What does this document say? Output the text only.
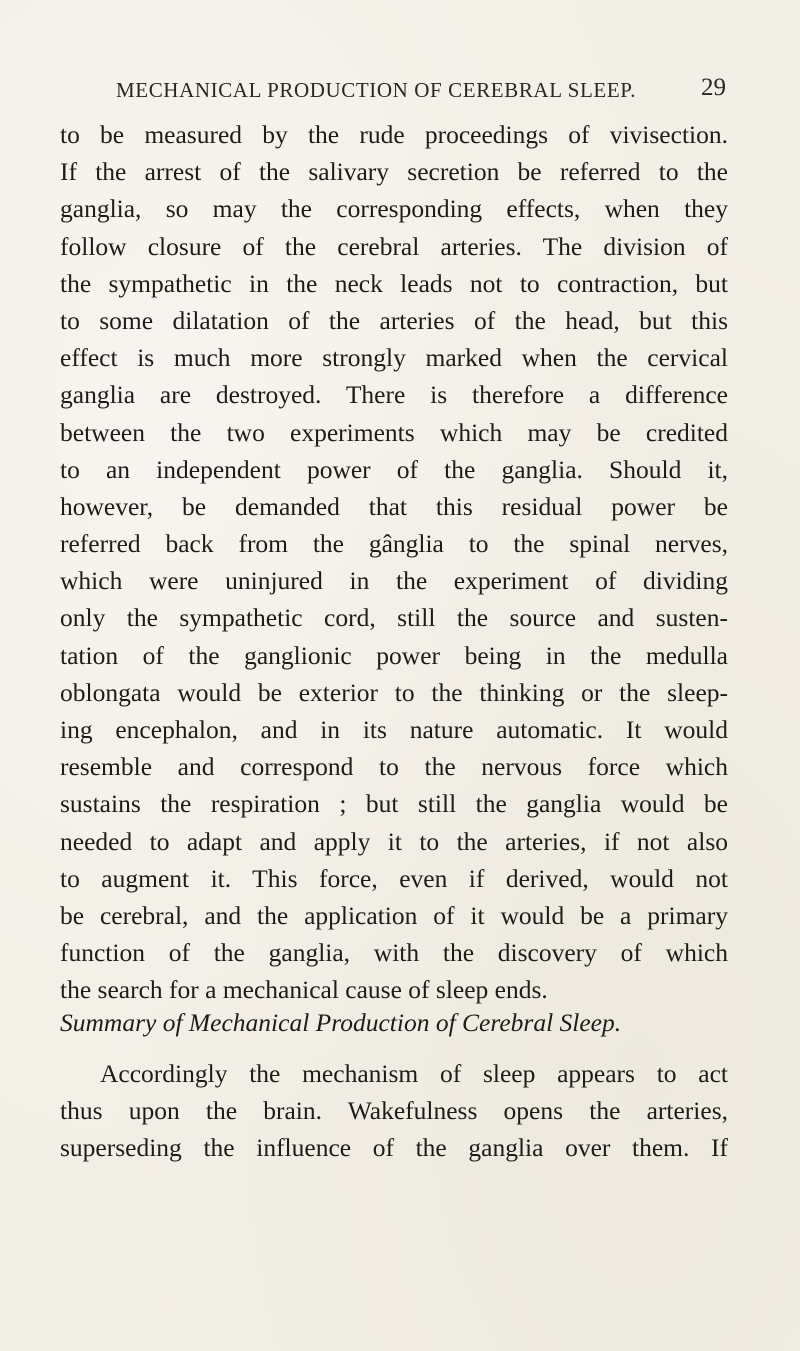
MECHANICAL PRODUCTION OF CEREBRAL SLEEP.	29
to be measured by the rude proceedings of vivisection.
If the arrest of the salivary secretion be referred to the
ganglia, so may the corresponding effects, when they
follow closure of the cerebral arteries. The division of
the sympathetic in the neck leads not to contraction, but
to some dilatation of the arteries of the head, but this
effect is much more strongly marked when the cervical
ganglia are destroyed. There is therefore a difference
between the two experiments which may be credited
to an independent power of the ganglia. Should it,
however, be demanded that this residual power be
referred back from the gânglia to the spinal nerves,
which were uninjured in the experiment of dividing
only the sympathetic cord, still the source and susten-
tation of the ganglionic power being in the medulla
oblongata would be exterior to the thinking or the sleep-
ing encephalon, and in its nature automatic. It would
resemble and correspond to the nervous force which
sustains the respiration ; but still the ganglia would be
needed to adapt and apply it to the arteries, if not also
to augment it. This force, even if derived, would not
be cerebral, and the application of it would be a primary
function of the ganglia, with the discovery of which
the search for a mechanical cause of sleep ends.
Summary of Mechanical Production of Cerebral Sleep.
Accordingly the mechanism of sleep appears to act
thus upon the brain. Wakefulness opens the arteries,
superseding the influence of the ganglia over them. If
